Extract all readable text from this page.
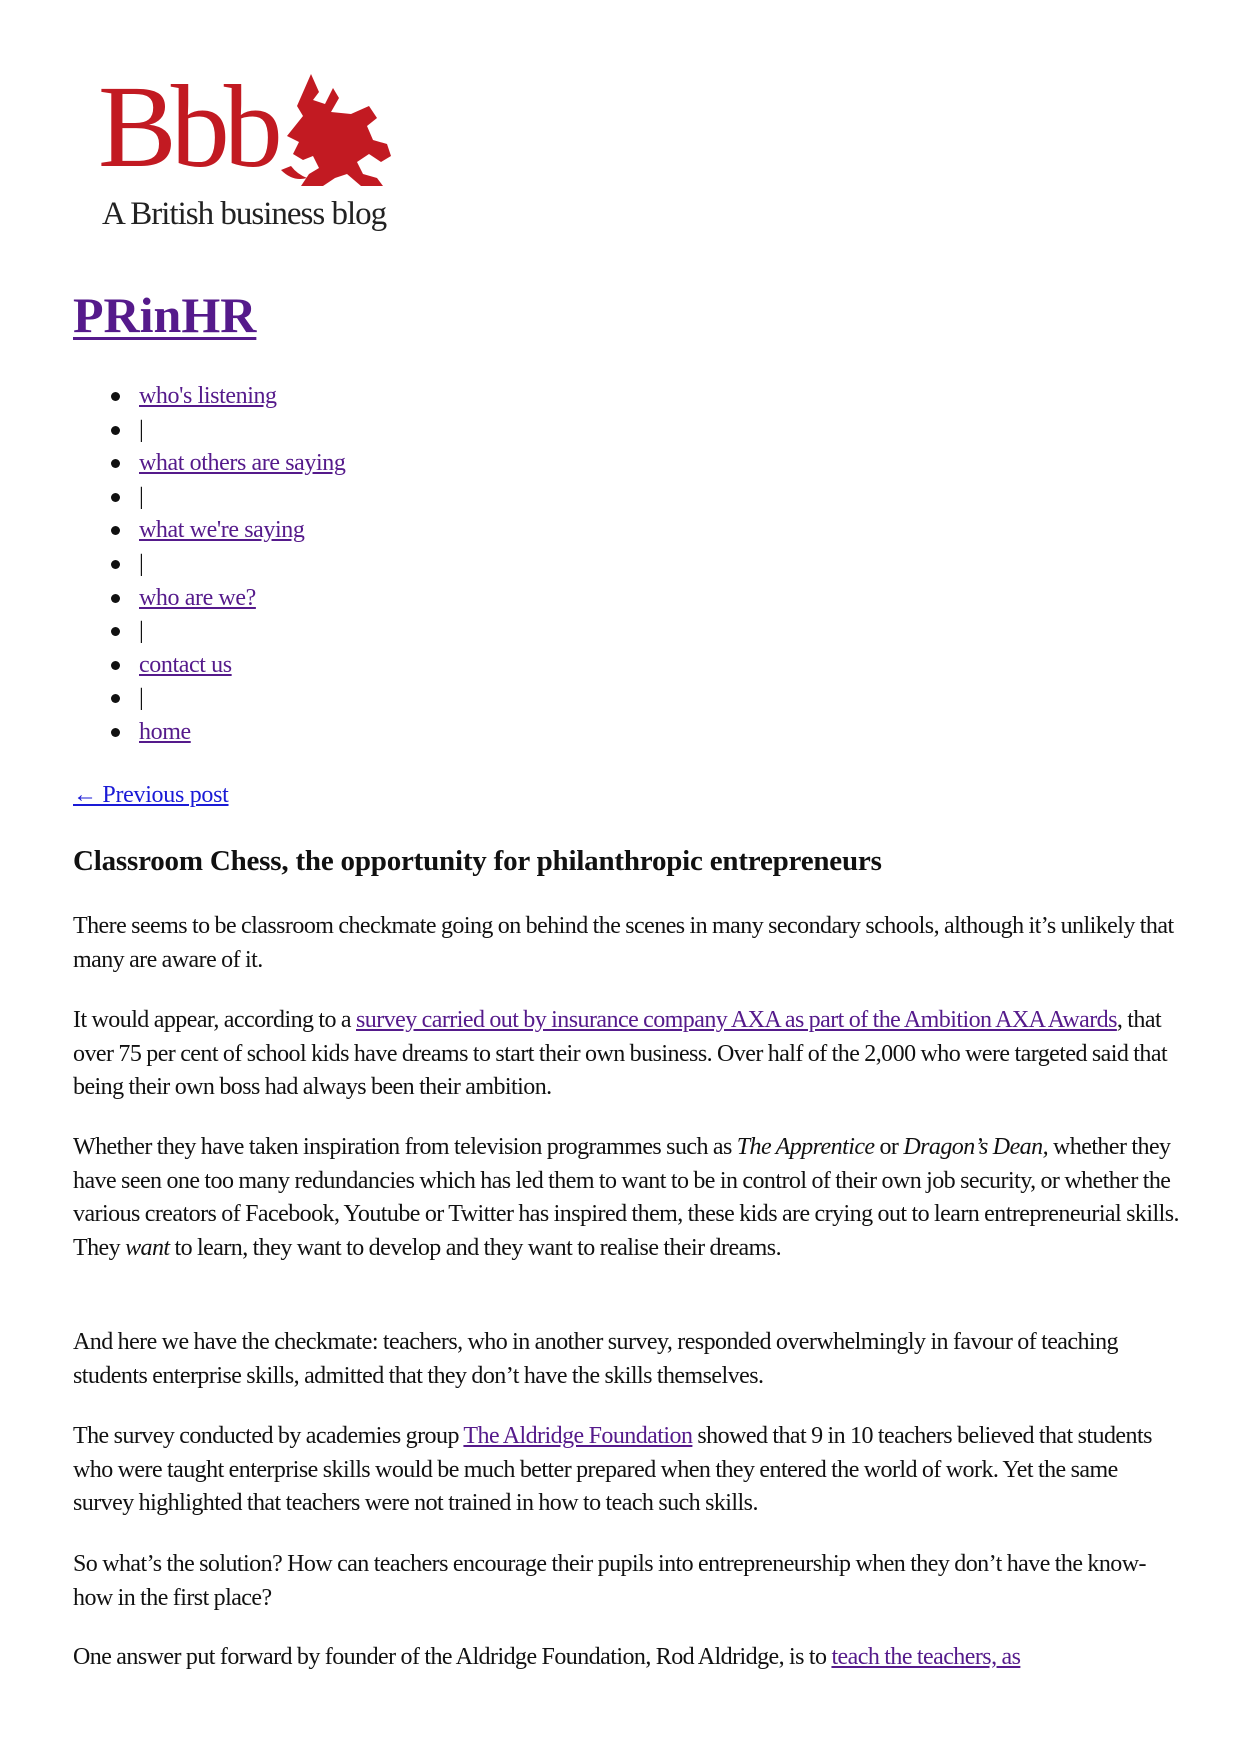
Bbb
A British business blog
PRinHR
who's listening
|
what others are saying
|
what we're saying
|
who are we?
|
contact us
|
home
← Previous post
Classroom Chess, the opportunity for philanthropic entrepreneurs

There seems to be classroom checkmate going on behind the scenes in many secondary schools, although it’s unlikely that many are aware of it.

It would appear, according to a survey carried out by insurance company AXA as part of the Ambition AXA Awards, that over 75 per cent of school kids have dreams to start their own business. Over half of the 2,000 who were targeted said that being their own boss had always been their ambition.

Whether they have taken inspiration from television programmes such as The Apprentice or Dragon’s Dean, whether they have seen one too many redundancies which has led them to want to be in control of their own job security, or whether the various creators of Facebook, Youtube or Twitter has inspired them, these kids are crying out to learn entrepreneurial skills. They want to learn, they want to develop and they want to realise their dreams.

And here we have the checkmate: teachers, who in another survey, responded overwhelmingly in favour of teaching students enterprise skills, admitted that they don’t have the skills themselves.

The survey conducted by academies group The Aldridge Foundation showed that 9 in 10 teachers believed that students who were taught enterprise skills would be much better prepared when they entered the world of work. Yet the same survey highlighted that teachers were not trained in how to teach such skills.

So what’s the solution? How can teachers encourage their pupils into entrepreneurship when they don’t have the know-how in the first place?

One answer put forward by founder of the Aldridge Foundation, Rod Aldridge, is to teach the teachers, as
